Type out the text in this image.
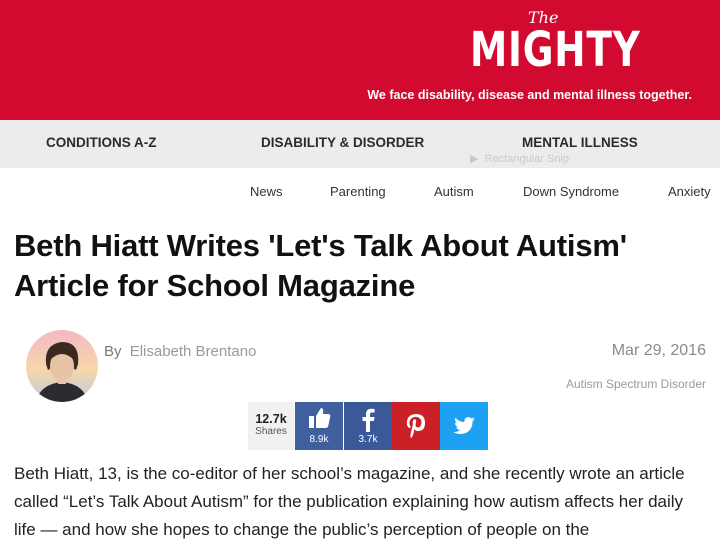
The
MIGHTY
We face disability, disease and mental illness together.
CONDITIONS A-Z	DISABILITY & DISORDER	MENTAL ILLNESS
▶ Rectangular Snip
News	Parenting	Autism	Down Syndrome	Anxiety
Beth Hiatt Writes 'Let's Talk About Autism' Article for School Magazine
By Elisabeth Brentano	Mar 29, 2016
Autism Spectrum Disorder
12.7k
Shares
8.9k	3.7k

Beth Hiatt, 13, is the co-editor of her school’s magazine, and she recently wrote an article called “Let’s Talk About Autism” for the publication explaining how autism affects her daily life — and how she hopes to change the public’s perception of people on the
